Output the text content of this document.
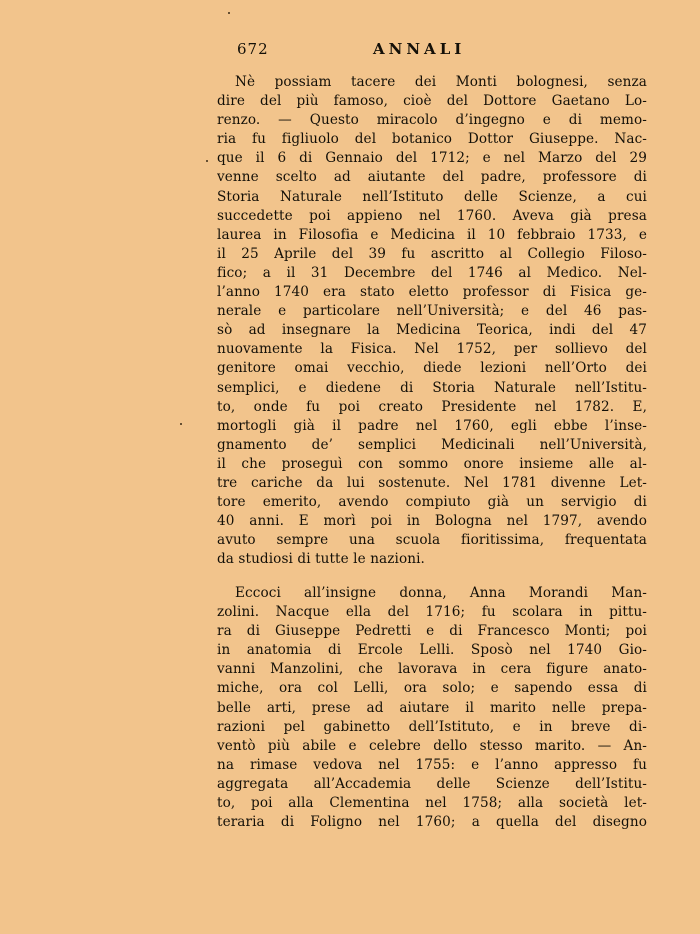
672	ANNALI
Nè possiam tacere dei Monti bolognesi, senza
dire del più famoso, cioè del Dottore Gaetano Lo-
renzo. — Questo miracolo d’ingegno e di memo-
ria fu figliuolo del botanico Dottor Giuseppe. Nac-
que il 6 di Gennaio del 1712; e nel Marzo del 29
venne scelto ad aiutante del padre, professore di
Storia Naturale nell’Istituto delle Scienze, a cui
succedette poi appieno nel 1760. Aveva già presa
laurea in Filosofia e Medicina il 10 febbraio 1733, e
il 25 Aprile del 39 fu ascritto al Collegio Filoso-
fico; a il 31 Decembre del 1746 al Medico. Nel-
l’anno 1740 era stato eletto professor di Fisica ge-
nerale e particolare nell’Università; e del 46 pas-
sò ad insegnare la Medicina Teorica, indi del 47
nuovamente la Fisica. Nel 1752, per sollievo del
genitore omai vecchio, diede lezioni nell’Orto dei
semplici, e diedene di Storia Naturale nell’Istitu-
to, onde fu poi creato Presidente nel 1782. E,
mortogli già il padre nel 1760, egli ebbe l’inse-
gnamento de’ semplici Medicinali nell’Università,
il che proseguì con sommo onore insieme alle al-
tre cariche da lui sostenute. Nel 1781 divenne Let-
tore emerito, avendo compiuto già un servigio di
40 anni. E morì poi in Bologna nel 1797, avendo
avuto sempre una scuola fioritissima, frequentata
da studiosi di tutte le nazioni.
Eccoci all’insigne donna, Anna Morandi Man-
zolini. Nacque ella del 1716; fu scolara in pittu-
ra di Giuseppe Pedretti e di Francesco Monti; poi
in anatomia di Ercole Lelli. Sposò nel 1740 Gio-
vanni Manzolini, che lavorava in cera figure anato-
miche, ora col Lelli, ora solo; e sapendo essa di
belle arti, prese ad aiutare il marito nelle prepa-
razioni pel gabinetto dell’Istituto, e in breve di-
ventò più abile e celebre dello stesso marito. — An-
na rimase vedova nel 1755: e l’anno appresso fu
aggregata all’Accademia delle Scienze dell’Istitu-
to, poi alla Clementina nel 1758; alla società let-
teraria di Foligno nel 1760; a quella del disegno
